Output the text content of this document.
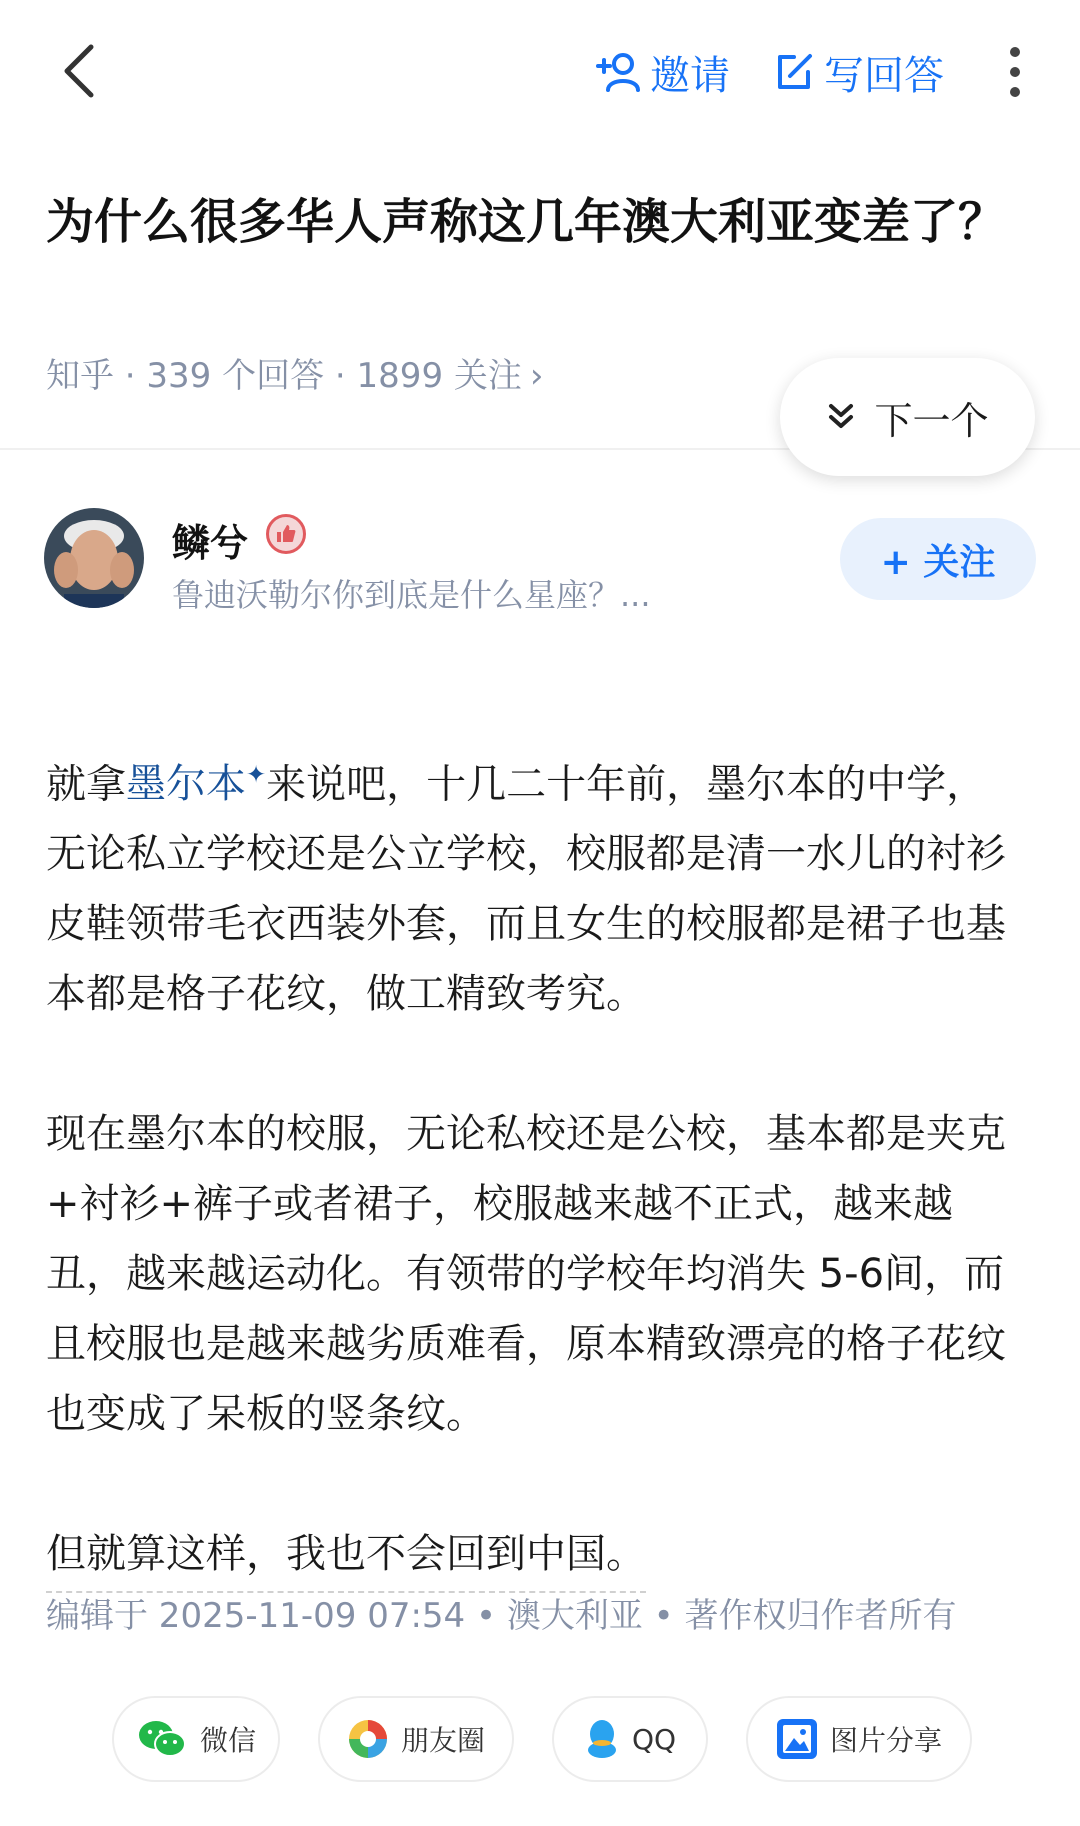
邀请 写回答
为什么很多华人声称这几年澳大利亚变差了？
知乎 · 339 个回答 · 1899 关注 ›
下一个
鳞兮
鲁迪沃勒尔你到底是什么星座？...
+ 关注

就拿墨尔本✦来说吧，十几二十年前，墨尔本的中学，无论私立学校还是公立学校，校服都是清一水儿的衬衫皮鞋领带毛衣西装外套，而且女生的校服都是裙子也基本都是格子花纹，做工精致考究。

现在墨尔本的校服，无论私校还是公校，基本都是夹克+衬衫+裤子或者裙子，校服越来越不正式，越来越丑，越来越运动化。有领带的学校年均消失 5-6间，而且校服也是越来越劣质难看，原本精致漂亮的格子花纹也变成了呆板的竖条纹。

但就算这样，我也不会回到中国。

编辑于 2025-11-09 07:54 • 澳大利亚 • 著作权归作者所有
微信	朋友圈	QQ	图片分享
